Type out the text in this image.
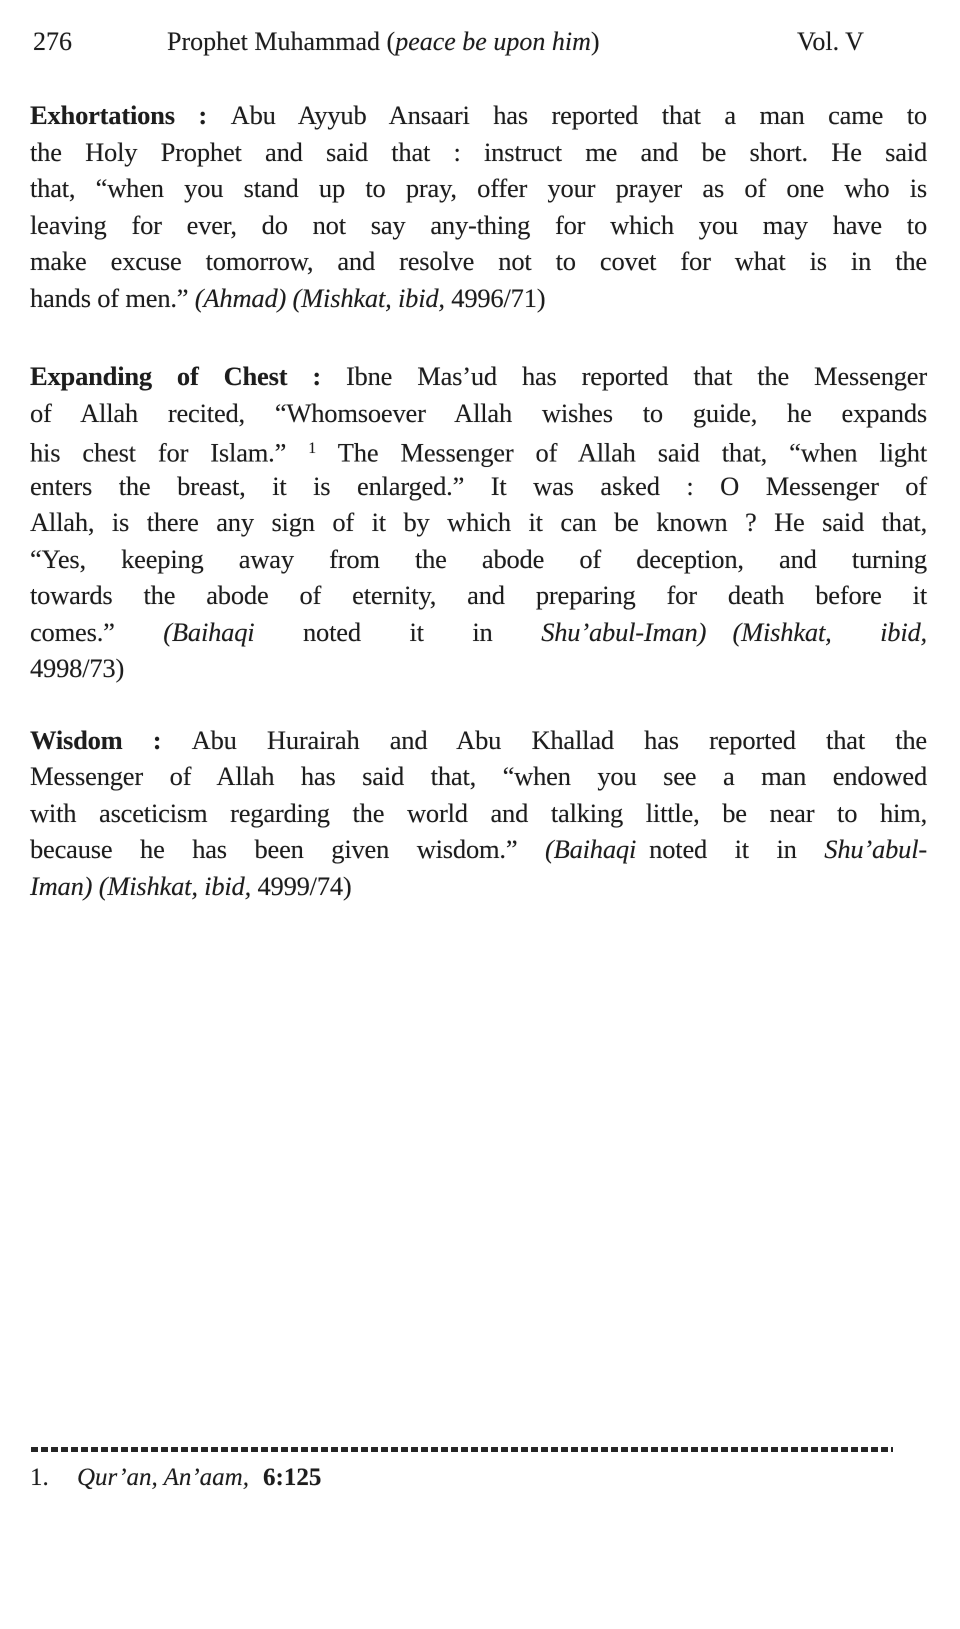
276	Prophet Muhammad (peace be upon him)	Vol. V
Exhortations : Abu Ayyub Ansaari has reported that a man came to
the Holy Prophet and said that : instruct me and be short. He said
that, “when you stand up to pray, offer your prayer as of one who is
leaving for ever, do not say any-thing for which you may have to
make excuse tomorrow, and resolve not to covet for what is in the
hands of men.” (Ahmad) (Mishkat, ibid, 4996/71)
Expanding of Chest : Ibne Mas’ud has reported that the Messenger
of Allah recited, “Whomsoever Allah wishes to guide, he expands
his chest for Islam.” $^1$ The Messenger of Allah said that, “when light
enters the breast, it is enlarged.” It was asked : O Messenger of
Allah, is there any sign of it by which it can be known ? He said that,
“Yes, keeping away from the abode of deception, and turning
towards the abode of eternity, and preparing for death before it
comes.” (Baihaqi noted it in Shu’abul-Iman)  (Mishkat, ibid,
4998/73)
Wisdom : Abu Hurairah and Abu Khallad has reported that the
Messenger of Allah has said that, “when you see a man endowed
with asceticism regarding the world and talking little, be near to him,
because he has been given wisdom.” (Baihaqi noted it in Shu’abul-
Iman) (Mishkat, ibid, 4999/74)
1. Qur’an, An’aam, 6:125
